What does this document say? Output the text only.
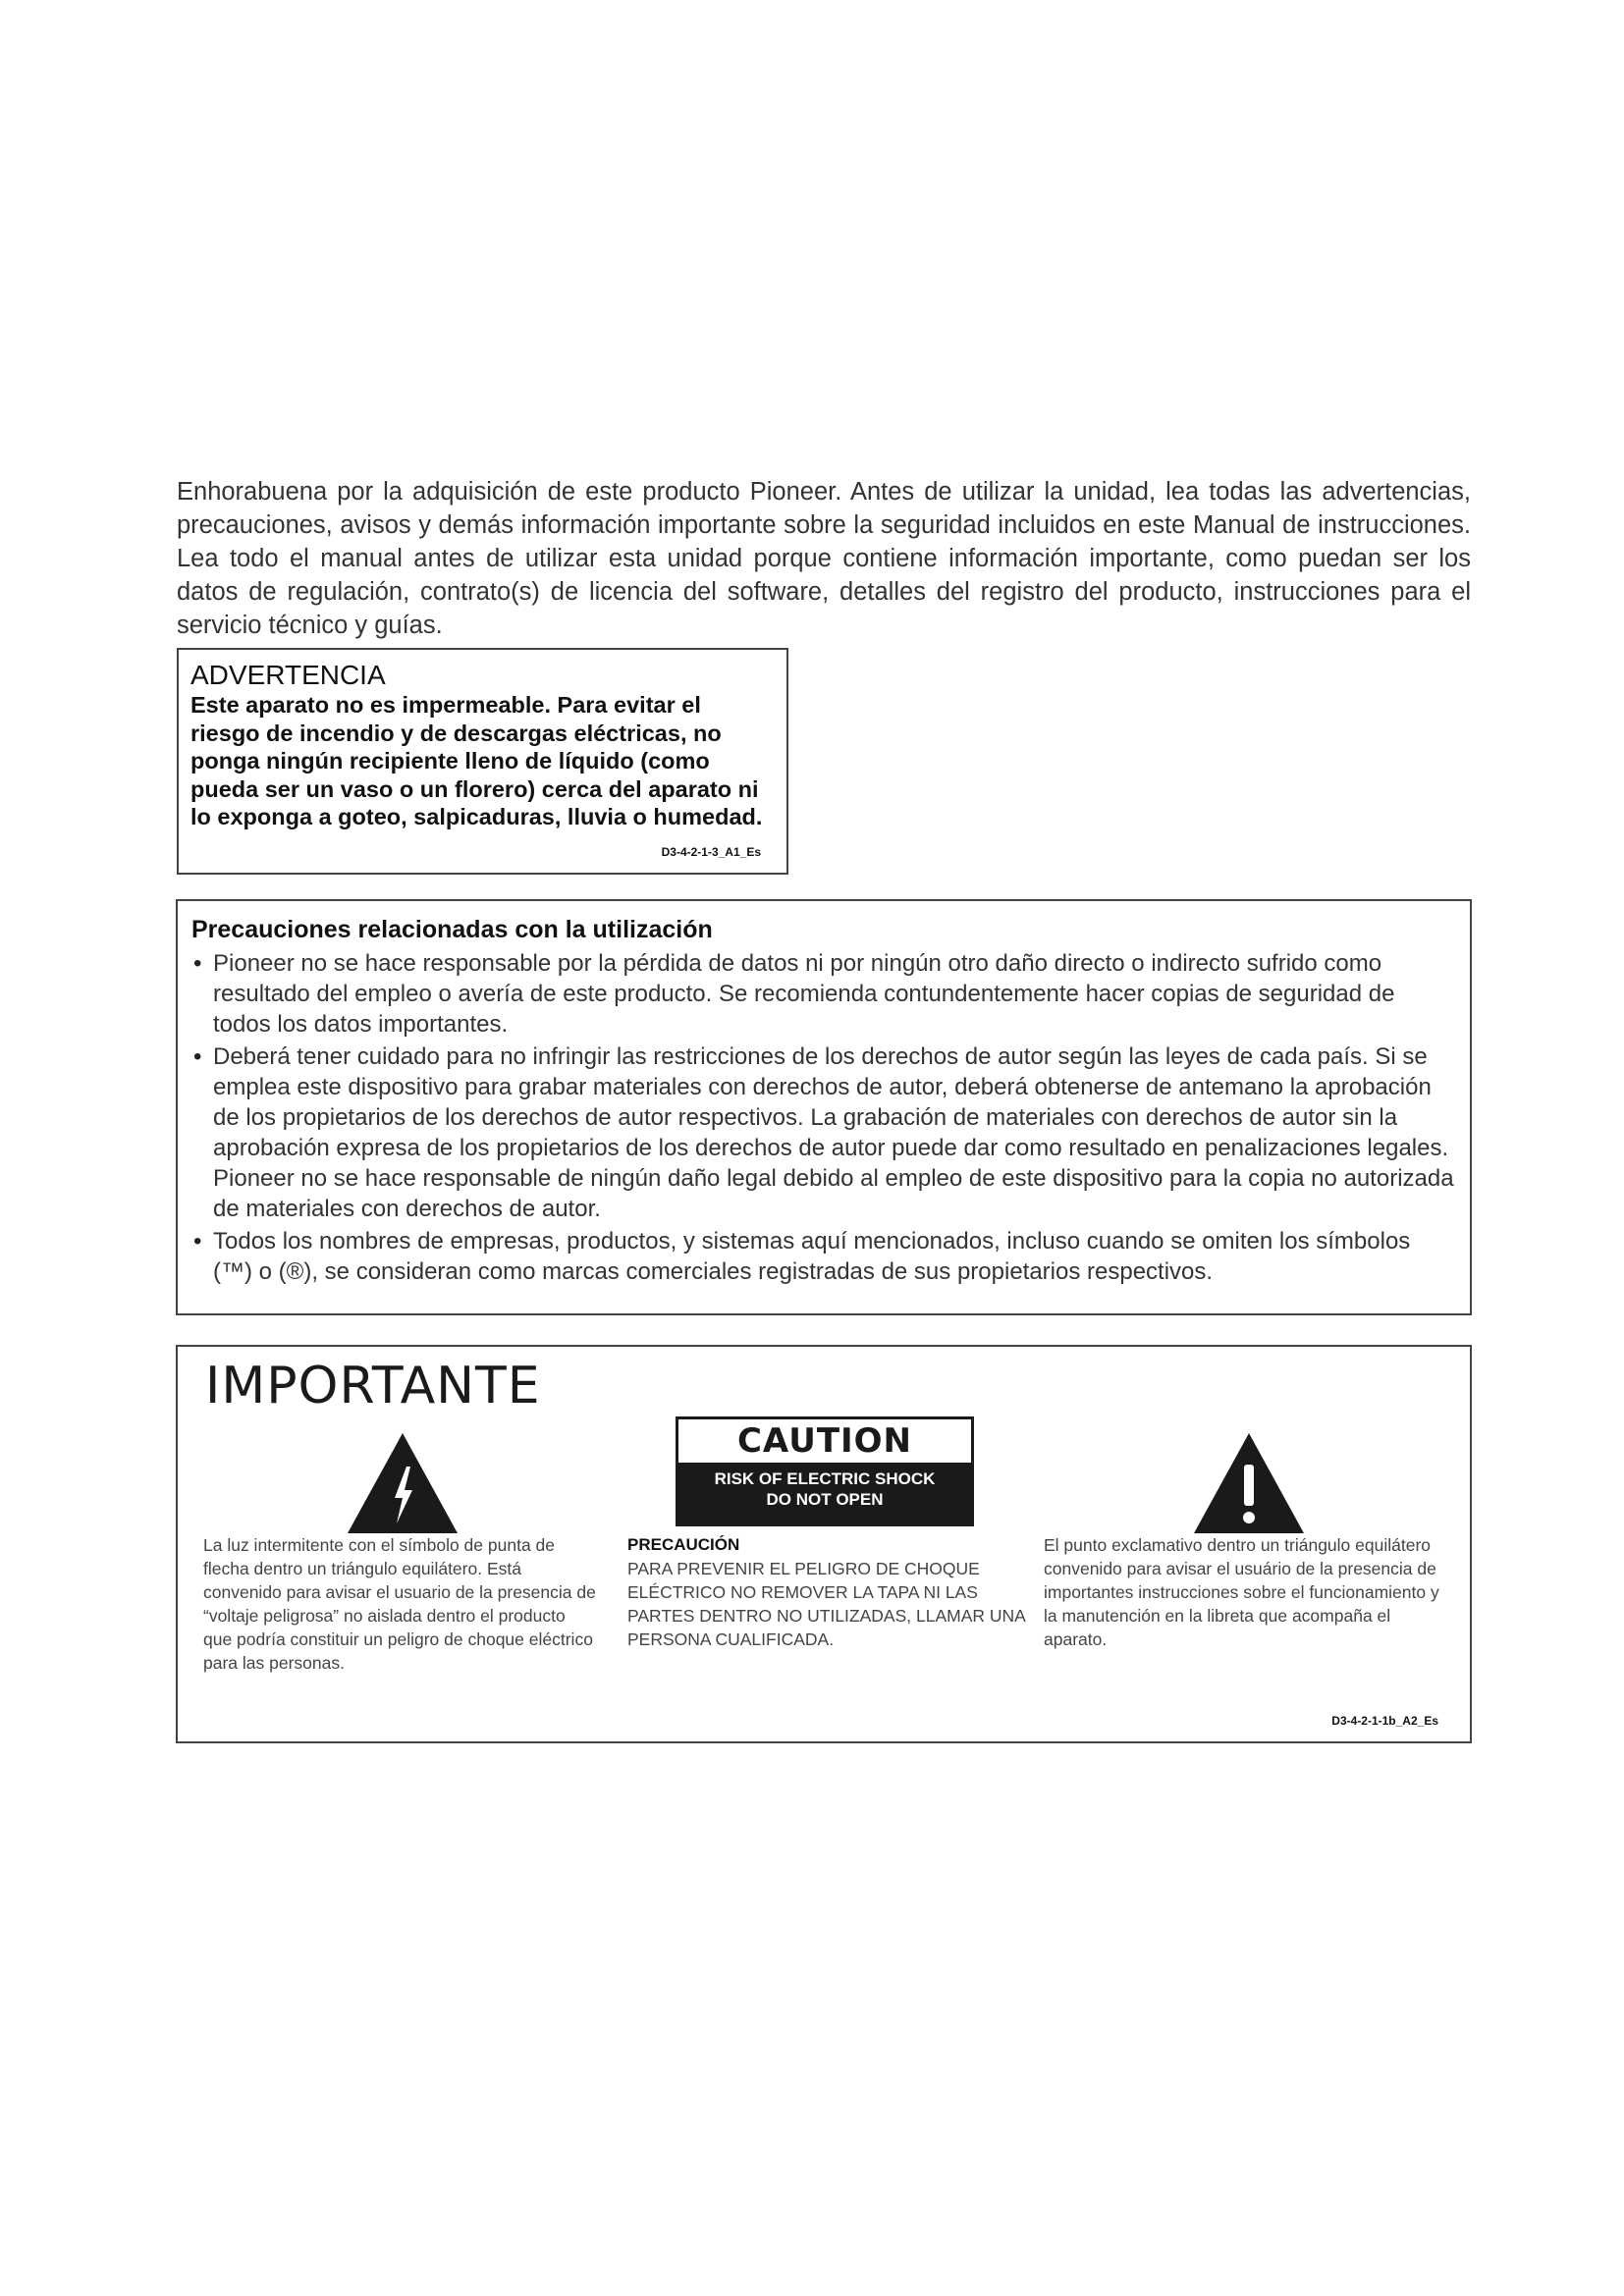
Enhorabuena por la adquisición de este producto Pioneer. Antes de utilizar la unidad, lea todas las advertencias, precauciones, avisos y demás información importante sobre la seguridad incluidos en este Manual de instrucciones. Lea todo el manual antes de utilizar esta unidad porque contiene información importante, como puedan ser los datos de regulación, contrato(s) de licencia del software, detalles del registro del producto, instrucciones para el servicio técnico y guías.

ADVERTENCIA
Este aparato no es impermeable. Para evitar el riesgo de incendio y de descargas eléctricas, no ponga ningún recipiente lleno de líquido (como pueda ser un vaso o un florero) cerca del aparato ni lo exponga a goteo, salpicaduras, lluvia o humedad.
D3-4-2-1-3_A1_Es
Precauciones relacionadas con la utilización
• Pioneer no se hace responsable por la pérdida de datos ni por ningún otro daño directo o indirecto sufrido como resultado del empleo o avería de este producto. Se recomienda contundentemente hacer copias de seguridad de todos los datos importantes.
• Deberá tener cuidado para no infringir las restricciones de los derechos de autor según las leyes de cada país. Si se emplea este dispositivo para grabar materiales con derechos de autor, deberá obtenerse de antemano la aprobación de los propietarios de los derechos de autor respectivos. La grabación de materiales con derechos de autor sin la aprobación expresa de los propietarios de los derechos de autor puede dar como resultado en penalizaciones legales. Pioneer no se hace responsable de ningún daño legal debido al empleo de este dispositivo para la copia no autorizada de materiales con derechos de autor.
• Todos los nombres de empresas, productos, y sistemas aquí mencionados, incluso cuando se omiten los símbolos (™) o (®), se consideran como marcas comerciales registradas de sus propietarios respectivos.
IMPORTANTE
CAUTION
RISK OF ELECTRIC SHOCK
DO NOT OPEN
La luz intermitente con el símbolo de punta de flecha dentro un triángulo equilátero. Está convenido para avisar el usuario de la presencia de “voltaje peligrosa” no aislada dentro el producto que podría constituir un peligro de choque eléctrico para las personas.
PRECAUCIÓN
PARA PREVENIR EL PELIGRO DE CHOQUE ELÉCTRICO NO REMOVER LA TAPA NI LAS PARTES DENTRO NO UTILIZADAS, LLAMAR UNA PERSONA CUALIFICADA.
El punto exclamativo dentro un triángulo equilátero convenido para avisar el usuário de la presencia de importantes instrucciones sobre el funcionamiento y la manutención en la libreta que acompaña el aparato.
D3-4-2-1-1b_A2_Es
